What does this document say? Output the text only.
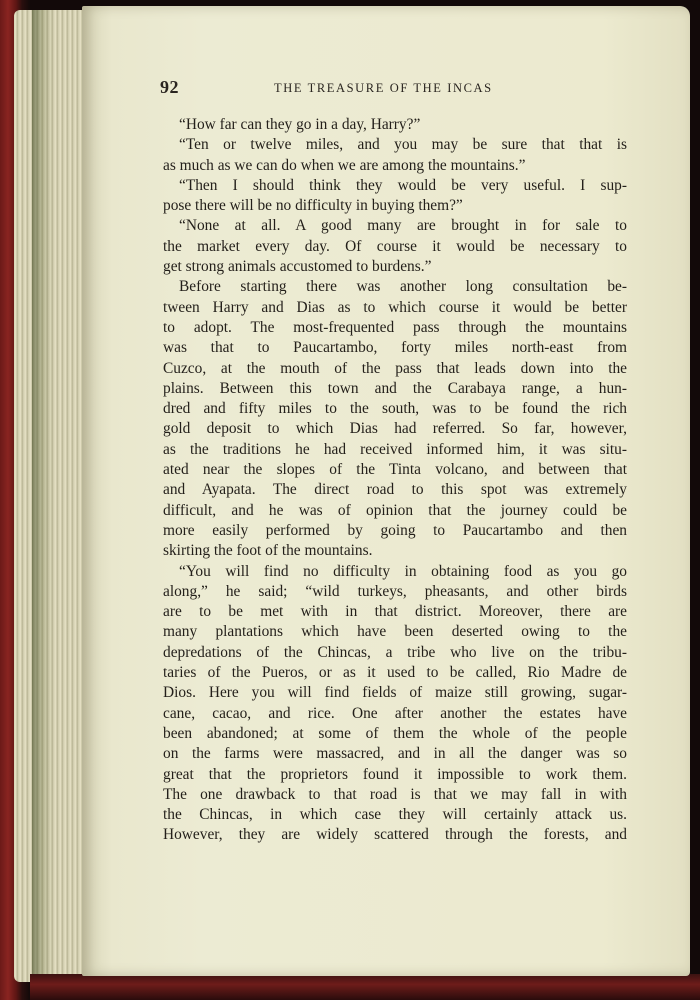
92	THE TREASURE OF THE INCAS
“How far can they go in a day, Harry?”
“Ten or twelve miles, and you may be sure that that is
as much as we can do when we are among the mountains.”
“Then I should think they would be very useful. I sup-
pose there will be no difficulty in buying them?”
“None at all. A good many are brought in for sale to
the market every day. Of course it would be necessary to
get strong animals accustomed to burdens.”
Before starting there was another long consultation be-
tween Harry and Dias as to which course it would be better
to adopt. The most-frequented pass through the mountains
was that to Paucartambo, forty miles north-east from
Cuzco, at the mouth of the pass that leads down into the
plains. Between this town and the Carabaya range, a hun-
dred and fifty miles to the south, was to be found the rich
gold deposit to which Dias had referred. So far, however,
as the traditions he had received informed him, it was situ-
ated near the slopes of the Tinta volcano, and between that
and Ayapata. The direct road to this spot was extremely
difficult, and he was of opinion that the journey could be
more easily performed by going to Paucartambo and then
skirting the foot of the mountains.
“You will find no difficulty in obtaining food as you go
along,” he said; “wild turkeys, pheasants, and other birds
are to be met with in that district. Moreover, there are
many plantations which have been deserted owing to the
depredations of the Chincas, a tribe who live on the tribu-
taries of the Pueros, or as it used to be called, Rio Madre de
Dios. Here you will find fields of maize still growing, sugar-
cane, cacao, and rice. One after another the estates have
been abandoned; at some of them the whole of the people
on the farms were massacred, and in all the danger was so
great that the proprietors found it impossible to work them.
The one drawback to that road is that we may fall in with
the Chincas, in which case they will certainly attack us.
However, they are widely scattered through the forests, and
